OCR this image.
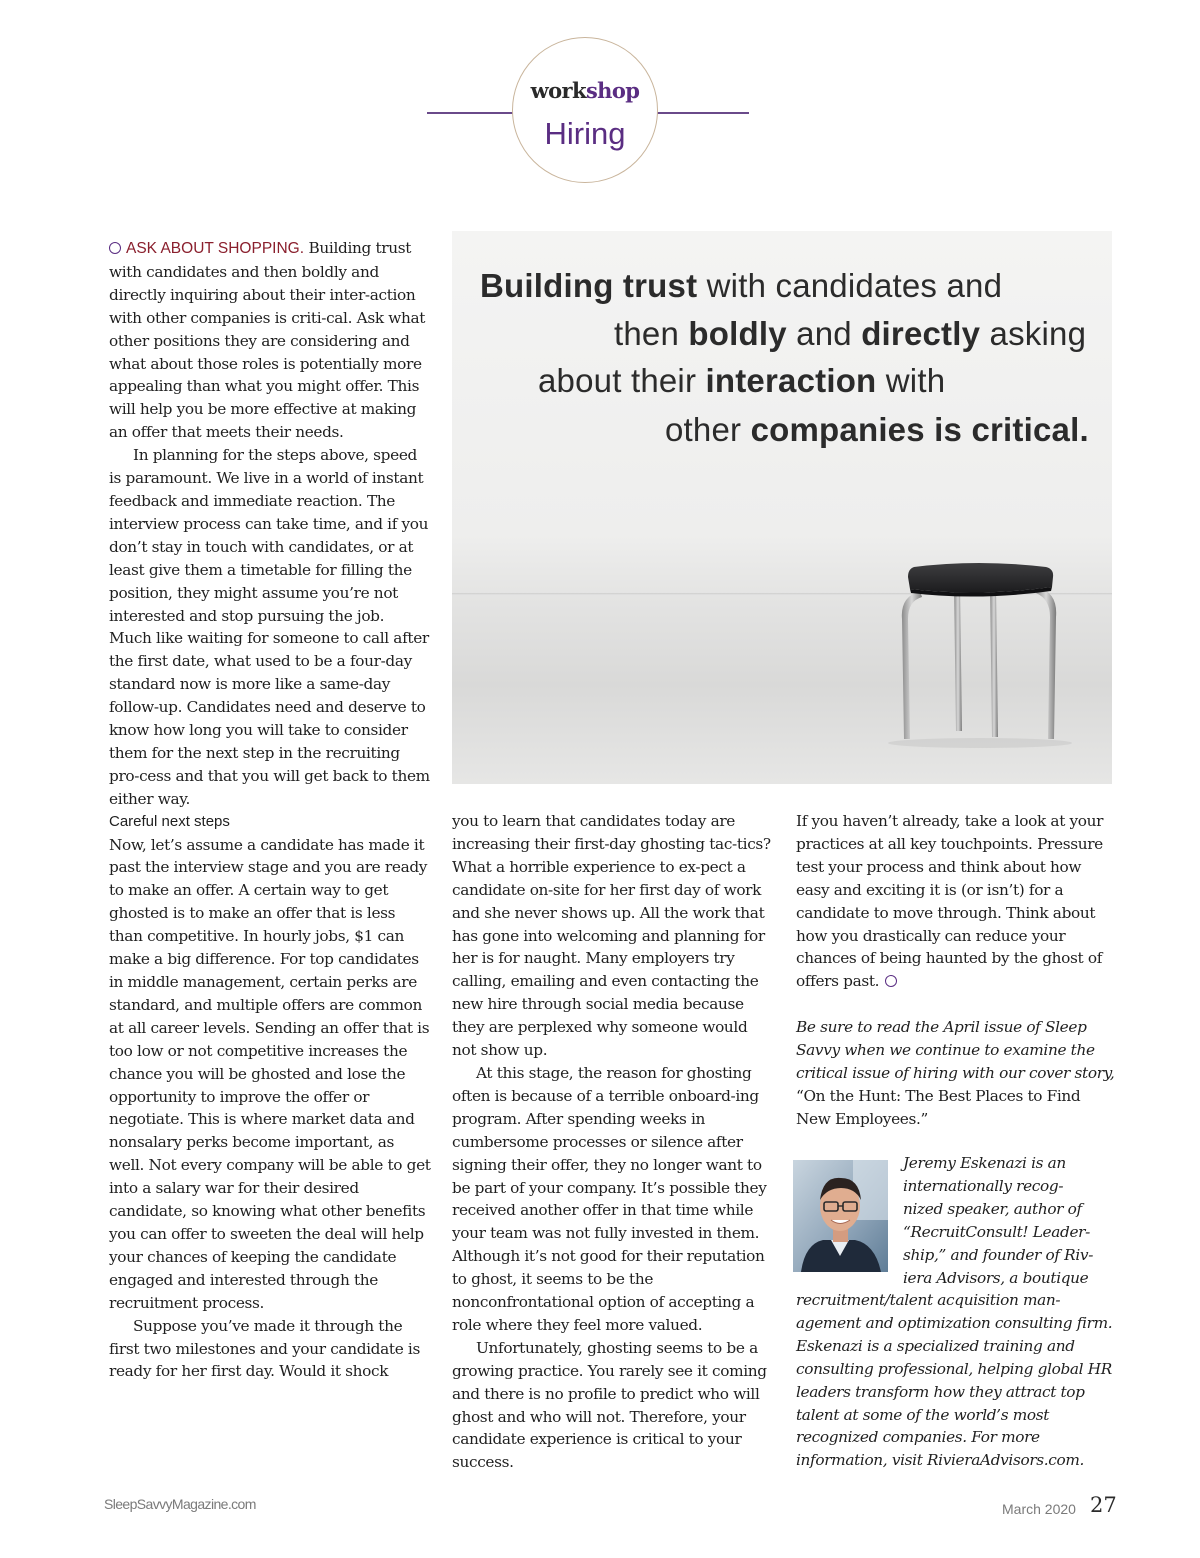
workshop
Hiring

ASK ABOUT SHOPPING. Building trust with candidates and then boldly and directly inquiring about their inter-action with other companies is criti-cal. Ask what other positions they are considering and what about those roles is potentially more appealing than what you might offer. This will help you be more effective at making an offer that meets their needs.

In planning for the steps above, speed is paramount. We live in a world of instant feedback and immediate reaction. The interview process can take time, and if you don’t stay in touch with candidates, or at least give them a timetable for filling the position, they might assume you’re not interested and stop pursuing the job. Much like waiting for someone to call after the first date, what used to be a four-day standard now is more like a same-day follow-up. Candidates need and deserve to know how long you will take to consider them for the next step in the recruiting pro-cess and that you will get back to them either way.

Careful next steps

Now, let’s assume a candidate has made it past the interview stage and you are ready to make an offer. A certain way to get ghosted is to make an offer that is less than competitive. In hourly jobs, $1 can make a big difference. For top candidates in middle management, certain perks are standard, and multiple offers are common at all career levels. Sending an offer that is too low or not competitive increases the chance you will be ghosted and lose the opportunity to improve the offer or negotiate. This is where market data and nonsalary perks become important, as well. Not every company will be able to get into a salary war for their desired candidate, so knowing what other benefits you can offer to sweeten the deal will help your chances of keeping the candidate engaged and interested through the recruitment process.

Suppose you’ve made it through the first two milestones and your candidate is ready for her first day. Would it shock

Building trust with candidates and
then boldly and directly asking
about their interaction with
other companies is critical.

you to learn that candidates today are increasing their first-day ghosting tac-tics? What a horrible experience to ex-pect a candidate on-site for her first day of work and she never shows up. All the work that has gone into welcoming and planning for her is for naught. Many employers try calling, emailing and even contacting the new hire through social media because they are perplexed why someone would not show up.

At this stage, the reason for ghosting often is because of a terrible onboard-ing program. After spending weeks in cumbersome processes or silence after signing their offer, they no longer want to be part of your company. It’s possible they received another offer in that time while your team was not fully invested in them. Although it’s not good for their reputation to ghost, it seems to be the nonconfrontational option of accepting a role where they feel more valued.

Unfortunately, ghosting seems to be a growing practice. You rarely see it coming and there is no profile to predict who will ghost and who will not. Therefore, your candidate experience is critical to your success.

If you haven’t already, take a look at your practices at all key touchpoints. Pressure test your process and think about how easy and exciting it is (or isn’t) for a candidate to move through. Think about how you drastically can reduce your chances of being haunted by the ghost of offers past.

Be sure to read the April issue of Sleep Savvy when we continue to examine the critical issue of hiring with our cover story, “On the Hunt: The Best Places to Find New Employees.”

Jeremy Eskenazi is an
internationally recog-
nized speaker, author of
“RecruitConsult! Leader-
ship,” and founder of Riv-
iera Advisors, a boutique
recruitment/talent acquisition man-agement and optimization consulting firm. Eskenazi is a specialized training and consulting professional, helping global HR leaders transform how they attract top talent at some of the world’s most recognized companies. For more information, visit RivieraAdvisors.com.
SleepSavvyMagazine.com	March 2020 27
